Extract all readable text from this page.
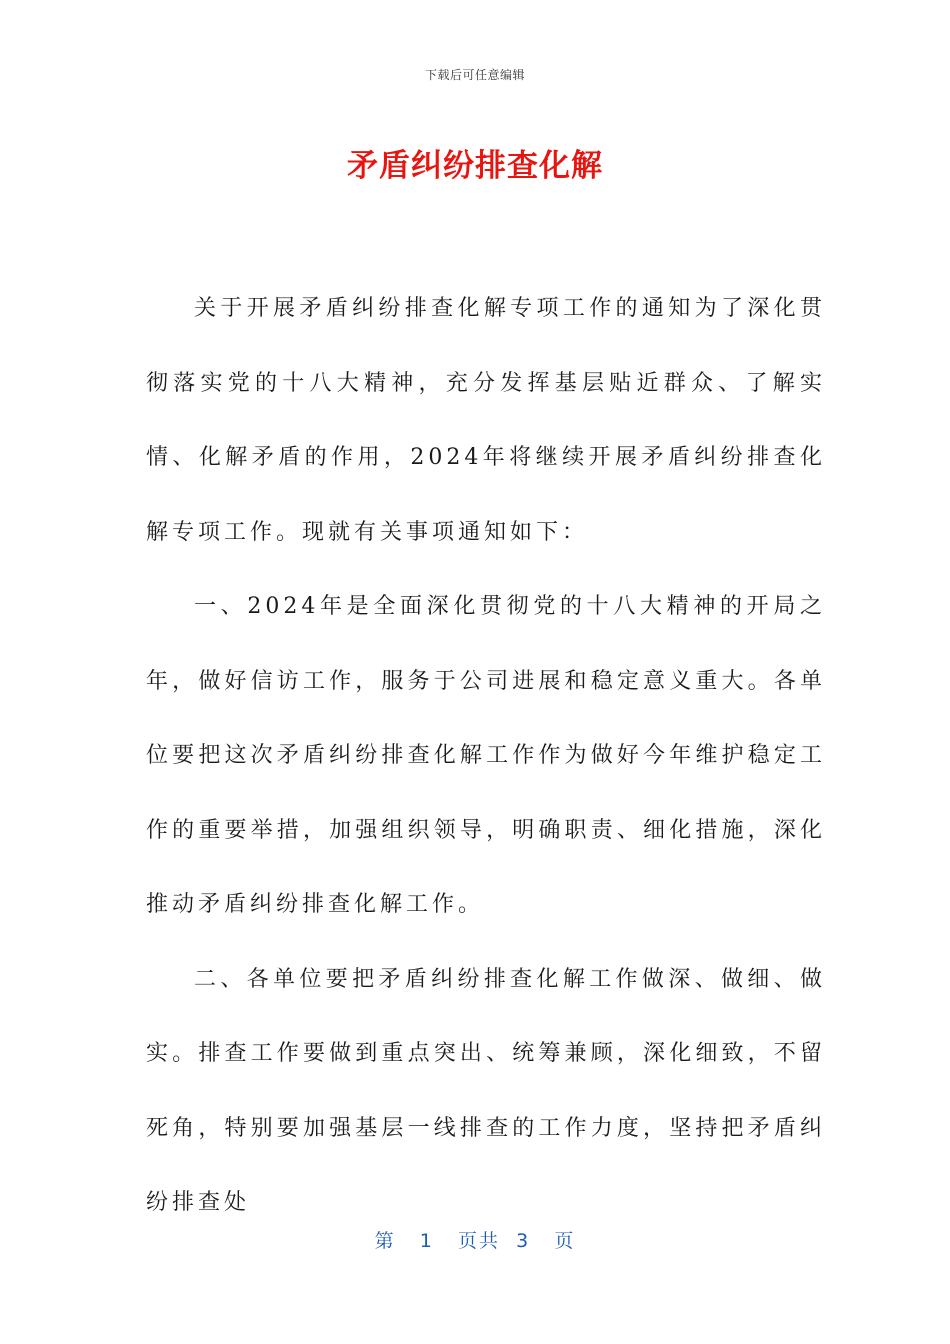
下载后可任意编辑
矛盾纠纷排查化解

关于开展矛盾纠纷排查化解专项工作的通知为了深化贯彻落实党的十八大精神，充分发挥基层贴近群众、了解实情、化解矛盾的作用，2024年将继续开展矛盾纠纷排查化解专项工作。现就有关事项通知如下：

一、2024年是全面深化贯彻党的十八大精神的开局之年，做好信访工作，服务于公司进展和稳定意义重大。各单位要把这次矛盾纠纷排查化解工作作为做好今年维护稳定工作的重要举措，加强组织领导，明确职责、细化措施，深化推动矛盾纠纷排查化解工作。

二、各单位要把矛盾纠纷排查化解工作做深、做细、做实。排查工作要做到重点突出、统筹兼顾，深化细致，不留死角，特别要加强基层一线排查的工作力度，坚持把矛盾纠纷排查处

第 1 页共 3 页
